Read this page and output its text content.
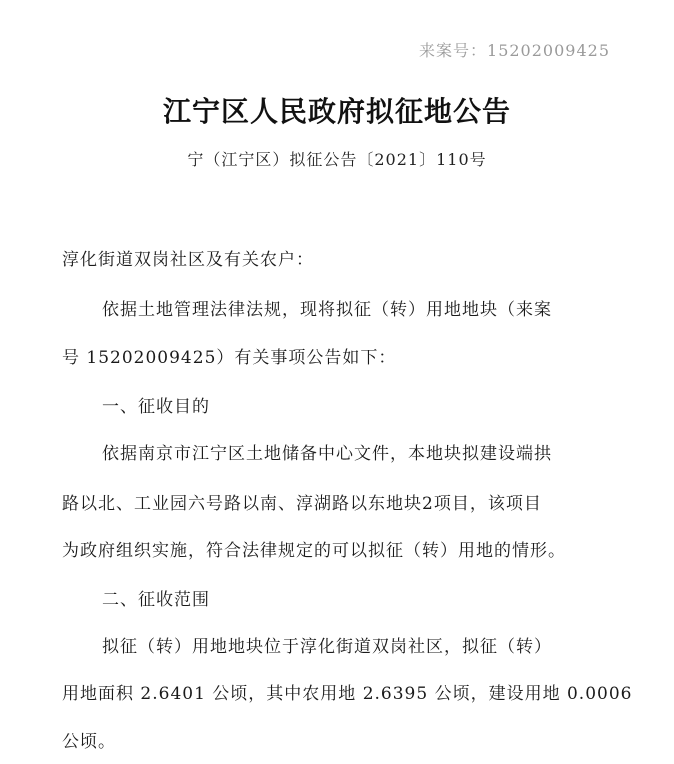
来案号：15202009425
江宁区人民政府拟征地公告
宁（江宁区）拟征公告〔2021〕110号
淳化街道双岗社区及有关农户：
依据土地管理法律法规，现将拟征（转）用地地块（来案
号 15202009425）有关事项公告如下：
一、征收目的
依据南京市江宁区土地储备中心文件，本地块拟建设端拱
路以北、工业园六号路以南、淳湖路以东地块2项目，该项目
为政府组织实施，符合法律规定的可以拟征（转）用地的情形。
二、征收范围
拟征（转）用地地块位于淳化街道双岗社区，拟征（转）
用地面积 2.6401 公顷，其中农用地 2.6395 公顷，建设用地 0.0006
公顷。
